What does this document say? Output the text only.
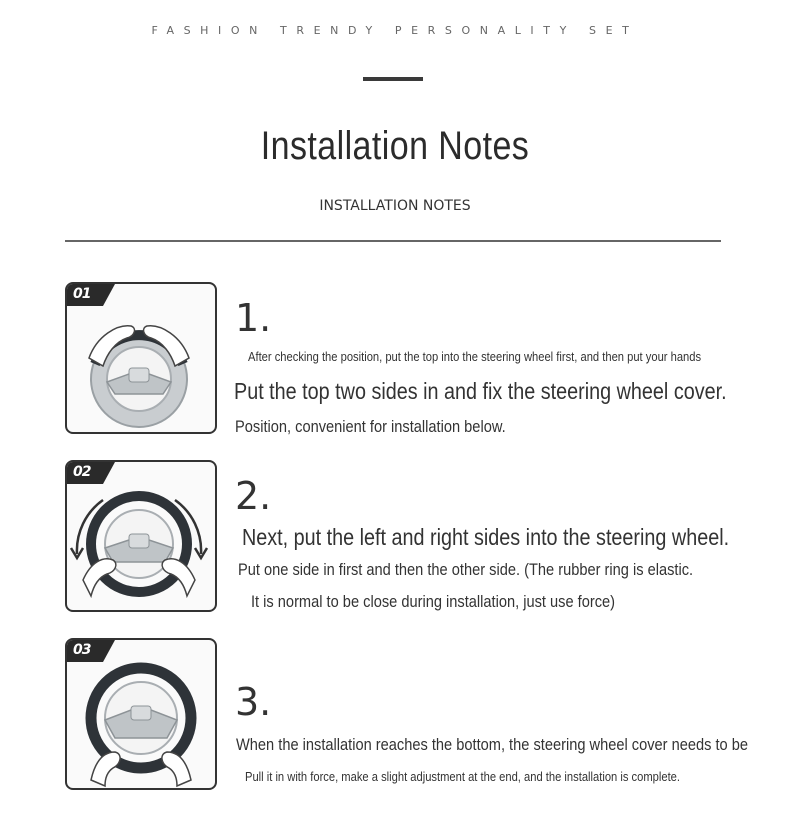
FASHION TRENDY PERSONALITY SET
Installation Notes
INSTALLATION NOTES
01
1.
After checking the position, put the top into the steering wheel first, and then put your hands
Put the top two sides in and fix the steering wheel cover.
Position, convenient for installation below.
02
2.
Next, put the left and right sides into the steering wheel.
Put one side in first and then the other side. (The rubber ring is elastic.
It is normal to be close during installation, just use force)
03
3.
When the installation reaches the bottom, the steering wheel cover needs to be
Pull it in with force, make a slight adjustment at the end, and the installation is complete.
